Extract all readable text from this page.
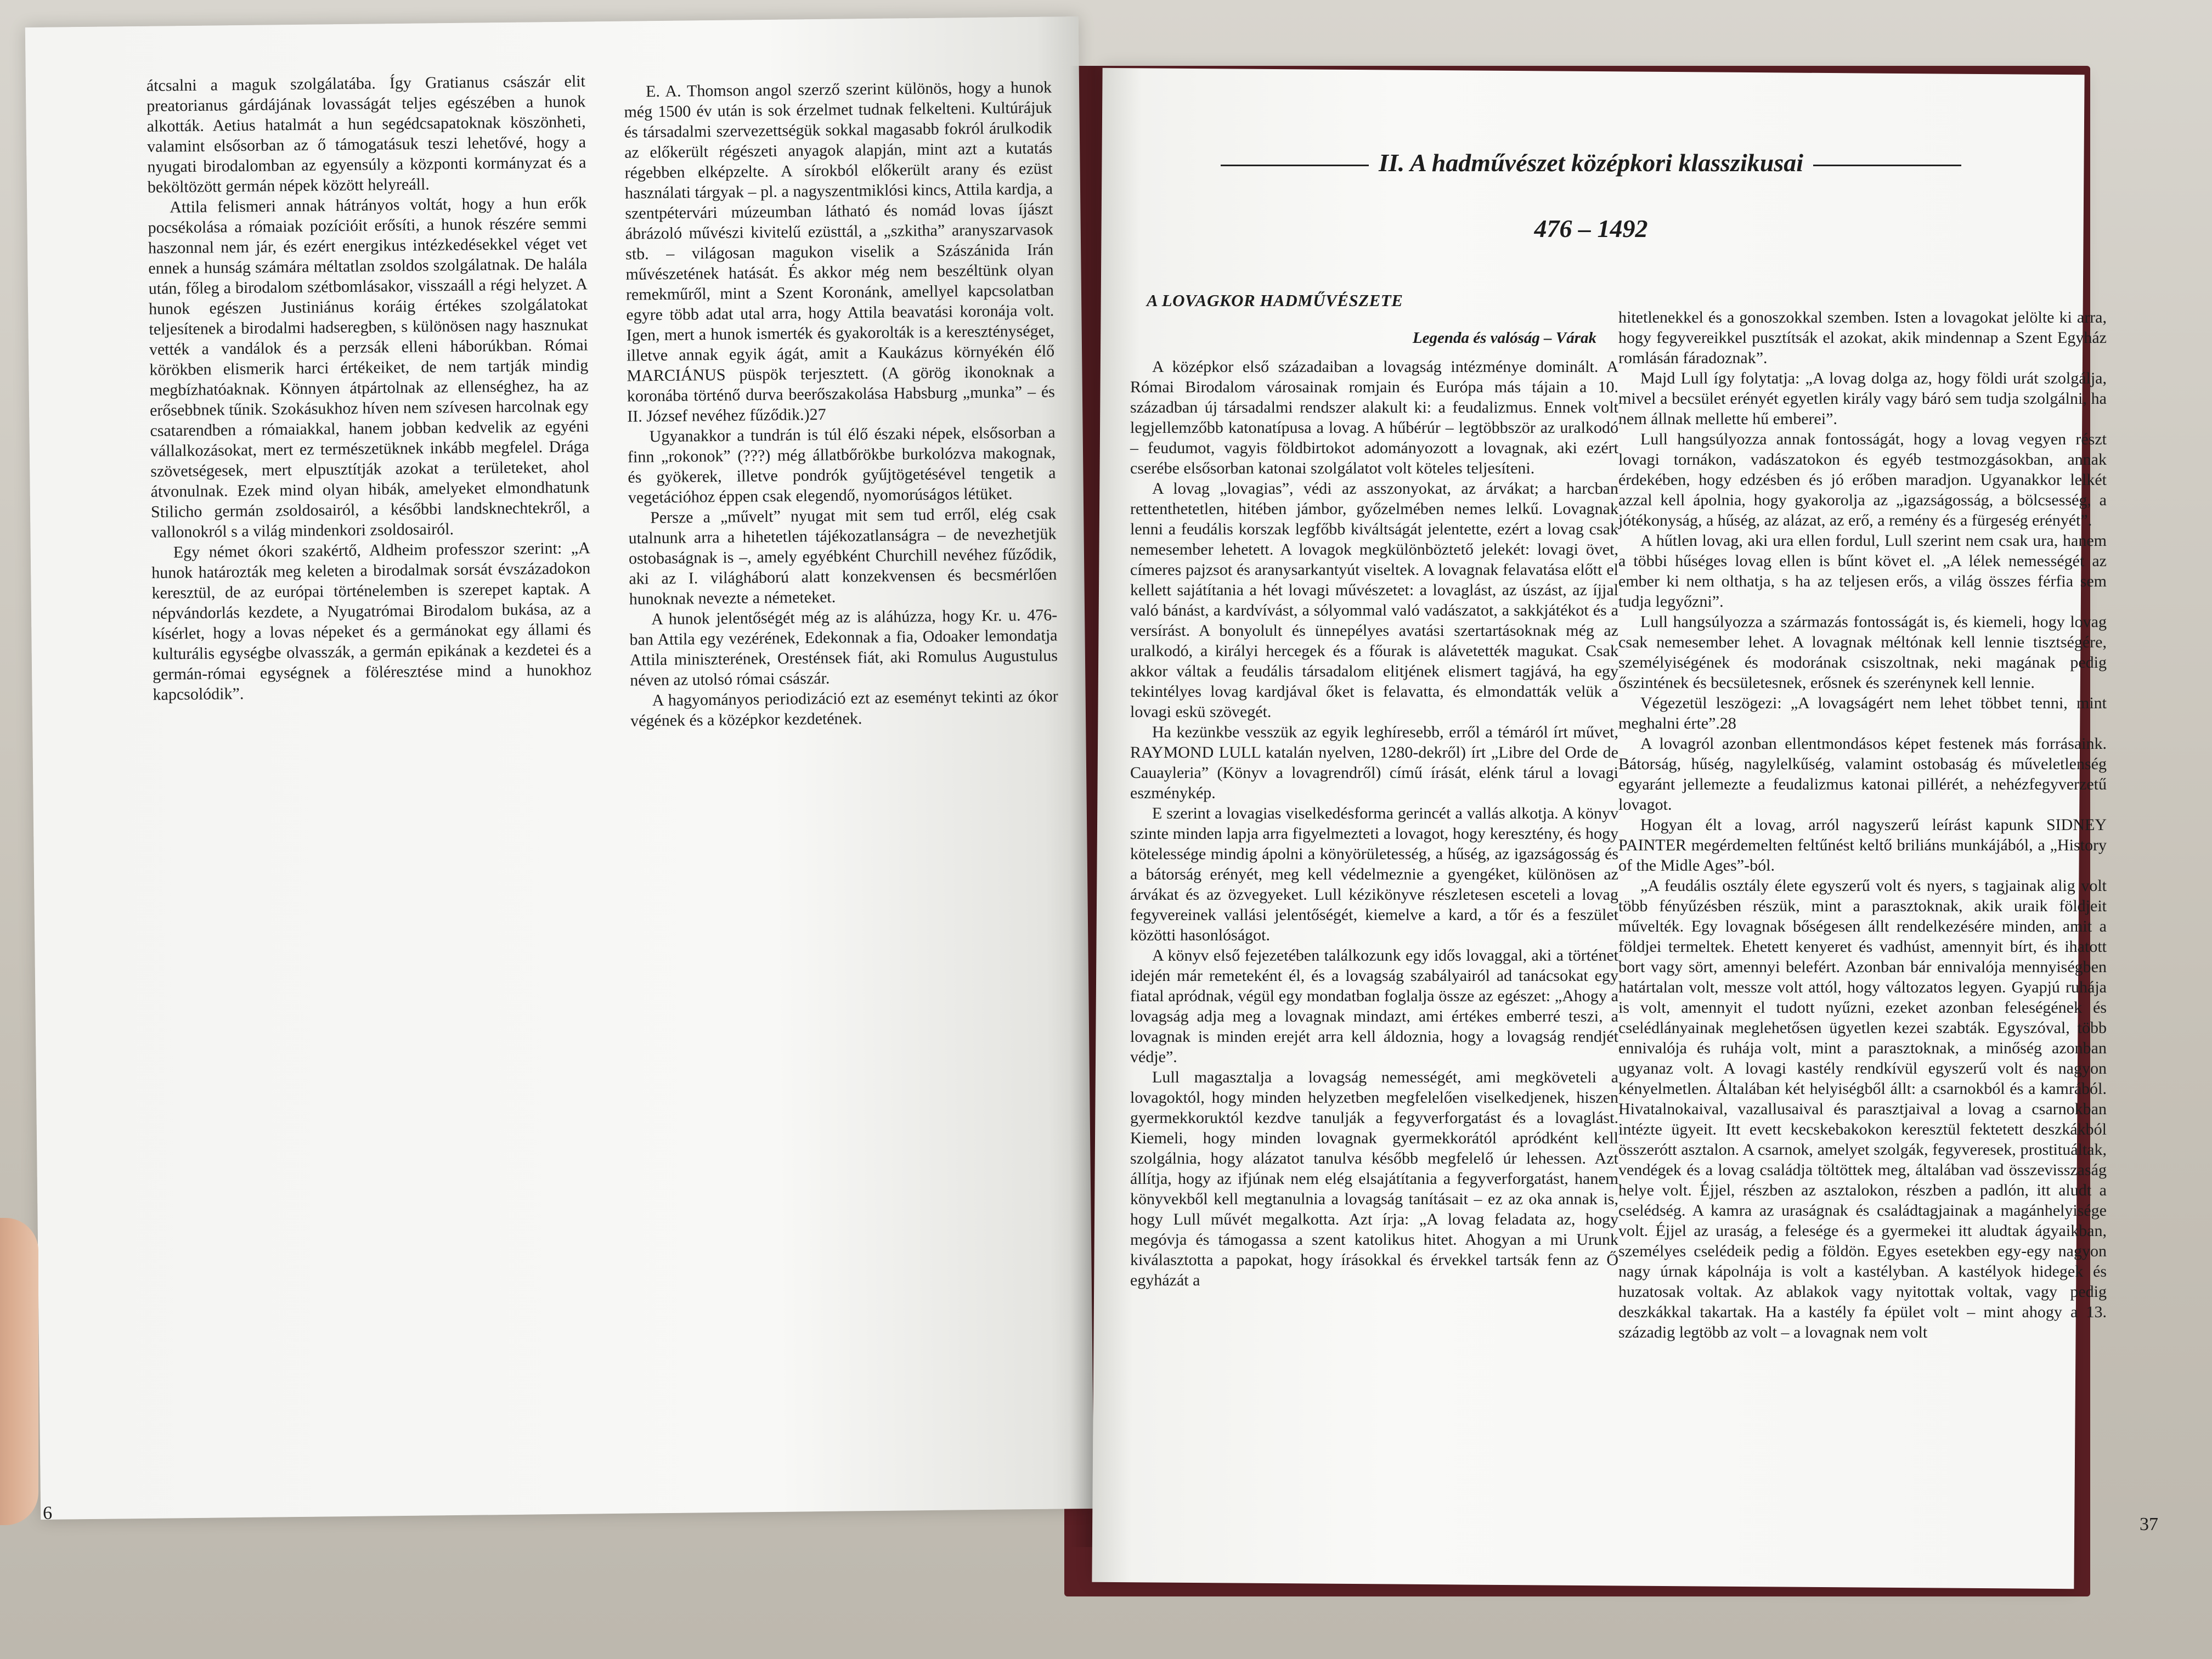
átcsalni a maguk szolgálatába. Így Gratianus császár elit preatorianus gárdájának lovasságát teljes egészében a hunok alkották. Aetius hatalmát a hun segédcsapatoknak köszönheti, valamint elsősorban az ő támogatásuk teszi lehetővé, hogy a nyugati birodalomban az egyensúly a központi kormányzat és a beköltözött germán népek között helyreáll.

Attila felismeri annak hátrányos voltát, hogy a hun erők pocsékolása a rómaiak pozícióit erősíti, a hunok részére semmi haszonnal nem jár, és ezért energikus intézkedésekkel véget vet ennek a hunság számára méltatlan zsoldos szolgálatnak. De halála után, főleg a birodalom szétbomlásakor, visszaáll a régi helyzet. A hunok egészen Justiniánus koráig értékes szolgálatokat teljesítenek a birodalmi hadseregben, s különösen nagy hasznukat vették a vandálok és a perzsák elleni háborúkban. Római körökben elismerik harci értékeiket, de nem tartják mindig megbízhatóaknak. Könnyen átpártolnak az ellenséghez, ha az erősebbnek tűnik. Szokásukhoz híven nem szívesen harcolnak egy csatarendben a rómaiakkal, hanem jobban kedvelik az egyéni vállalkozásokat, mert ez természetüknek inkább megfelel. Drága szövetségesek, mert elpusztítják azokat a területeket, ahol átvonulnak. Ezek mind olyan hibák, amelyeket elmondhatunk Stilicho germán zsoldosairól, a későbbi landsknechtekről, a vallonokról s a világ mindenkori zsoldosairól.

Egy német ókori szakértő, Aldheim professzor szerint: „A hunok határozták meg keleten a birodalmak sorsát évszázadokon keresztül, de az európai történelemben is szerepet kaptak. A népvándorlás kezdete, a Nyugatrómai Birodalom bukása, az a kísérlet, hogy a lovas népeket és a germánokat egy állami és kulturális egységbe olvasszák, a germán epikának a kezdetei és a germán-római egységnek a föléresztése mind a hunokhoz kapcsolódik”.

E. A. Thomson angol szerző szerint különös, hogy a hunok még 1500 év után is sok érzelmet tudnak felkelteni. Kultúrájuk és társadalmi szervezettségük sokkal magasabb fokról árulkodik az előkerült régészeti anyagok alapján, mint azt a kutatás régebben elképzelte. A sírokból előkerült arany és ezüst használati tárgyak – pl. a nagyszentmiklósi kincs, Attila kardja, a szentpétervári múzeumban látható és nomád lovas íjászt ábrázoló művészi kivitelű ezüsttál, a „szkitha” aranyszarvasok stb. – világosan magukon viselik a Szászánida Irán művészetének hatását. És akkor még nem beszéltünk olyan remekműről, mint a Szent Koronánk, amellyel kapcsolatban egyre több adat utal arra, hogy Attila beavatási koronája volt. Igen, mert a hunok ismerték és gyakorolták is a kereszténységet, illetve annak egyik ágát, amit a Kaukázus környékén élő MARCIÁNUS püspök terjesztett. (A görög ikonoknak a koronába történő durva beerőszakolása Habsburg „munka” – és II. József nevéhez fűződik.)27

Ugyanakkor a tundrán is túl élő északi népek, elsősorban a finn „rokonok” (???) még állatbőrökbe burkolózva makognak, és gyökerek, illetve pondrók gyűjtögetésével tengetik a vegetációhoz éppen csak elegendő, nyomorúságos létüket.

Persze a „művelt” nyugat mit sem tud erről, elég csak utalnunk arra a hihetetlen tájékozatlanságra – de nevezhetjük ostobaságnak is –, amely egyébként Churchill nevéhez fűződik, aki az I. világháború alatt konzekvensen és becsmérlően hunoknak nevezte a németeket.

A hunok jelentőségét még az is aláhúzza, hogy Kr. u. 476-ban Attila egy vezérének, Edekonnak a fia, Odoaker lemondatja Attila miniszterének, Oresténsek fiát, aki Romulus Augustulus néven az utolsó római császár.

A hagyományos periodizáció ezt az eseményt tekinti az ókor végének és a középkor kezdetének.

6
II. A hadművészet középkori klasszikusai
476 – 1492
A LOVAGKOR HADMŰVÉSZETE
Legenda és valóság – Várak

A középkor első századaiban a lovagság intézménye dominált. A Római Birodalom városainak romjain és Európa más tájain a 10. században új társadalmi rendszer alakult ki: a feudalizmus. Ennek volt legjellemzőbb katonatípusa a lovag. A hűbérúr – legtöbbször az uralkodó – feudumot, vagyis földbirtokot adományozott a lovagnak, aki ezért cserébe elsősorban katonai szolgálatot volt köteles teljesíteni.

A lovag „lovagias”, védi az asszonyokat, az árvákat; a harcban rettenthetetlen, hitében jámbor, győzelmében nemes lelkű. Lovagnak lenni a feudális korszak legfőbb kiváltságát jelentette, ezért a lovag csak nemesember lehetett. A lovagok megkülönböztető jelekét: lovagi övet, címeres pajzsot és aranysarkantyút viseltek. A lovagnak felavatása előtt el kellett sajátítania a hét lovagi művészetet: a lovaglást, az úszást, az íjjal való bánást, a kardvívást, a sólyommal való vadászatot, a sakkjátékot és a versírást. A bonyolult és ünnepélyes avatási szertartásoknak még az uralkodó, a királyi hercegek és a főurak is alávetették magukat. Csak akkor váltak a feudális társadalom elitjének elismert tagjává, ha egy tekintélyes lovag kardjával őket is felavatta, és elmondatták velük a lovagi eskü szövegét.

Ha kezünkbe vesszük az egyik leghíresebb, erről a témáról írt művet, RAYMOND LULL katalán nyelven, 1280-dekről) írt „Libre del Orde de Cauayleria” (Könyv a lovagrendről) című írását, elénk tárul a lovagi eszménykép.

E szerint a lovagias viselkedésforma gerincét a vallás alkotja. A könyv szinte minden lapja arra figyelmezteti a lovagot, hogy keresztény, és hogy kötelessége mindig ápolni a könyörületesség, a hűség, az igazságosság és a bátorság erényét, meg kell védelmeznie a gyengéket, különösen az árvákat és az özvegyeket. Lull kézikönyve részletesen esceteli a lovag fegyvereinek vallási jelentőségét, kiemelve a kard, a tőr és a feszület közötti hasonlóságot.

A könyv első fejezetében találkozunk egy idős lovaggal, aki a történet idején már remeteként él, és a lovagság szabályairól ad tanácsokat egy fiatal apródnak, végül egy mondatban foglalja össze az egészet: „Ahogy a lovagság adja meg a lovagnak mindazt, ami értékes emberré teszi, a lovagnak is minden erejét arra kell áldoznia, hogy a lovagság rendjét védje”.

Lull magasztalja a lovagság nemességét, ami megköveteli a lovagoktól, hogy minden helyzetben megfelelően viselkedjenek, hiszen gyermekkoruktól kezdve tanulják a fegyverforgatást és a lovaglást. Kiemeli, hogy minden lovagnak gyermekkorától apródként kell szolgálnia, hogy alázatot tanulva később megfelelő úr lehessen. Azt állítja, hogy az ifjúnak nem elég elsajátítania a fegyverforgatást, hanem könyvekből kell megtanulnia a lovagság tanításait – ez az oka annak is, hogy Lull művét megalkotta. Azt írja: „A lovag feladata az, hogy megóvja és támogassa a szent katolikus hitet. Ahogyan a mi Urunk kiválasztotta a papokat, hogy írásokkal és érvekkel tartsák fenn az Ő egyházát a

hitetlenekkel és a gonoszokkal szemben. Isten a lovagokat jelölte ki arra, hogy fegyvereikkel pusztítsák el azokat, akik mindennap a Szent Egyház romlásán fáradoznak”.

Majd Lull így folytatja: „A lovag dolga az, hogy földi urát szolgálja, mivel a becsület erényét egyetlen király vagy báró sem tudja szolgálni, ha nem állnak mellette hű emberei”.

Lull hangsúlyozza annak fontosságát, hogy a lovag vegyen részt lovagi tornákon, vadászatokon és egyéb testmozgásokban, annak érdekében, hogy edzésben és jó erőben maradjon. Ugyanakkor lelkét azzal kell ápolnia, hogy gyakorolja az „igazságosság, a bölcsesség, a jótékonyság, a hűség, az alázat, az erő, a remény és a fürgeség erényét”.

A hűtlen lovag, aki ura ellen fordul, Lull szerint nem csak ura, hanem a többi hűséges lovag ellen is bűnt követ el. „A lélek nemességét az ember ki nem olthatja, s ha az teljesen erős, a világ összes férfia sem tudja legyőzni”.

Lull hangsúlyozza a származás fontosságát is, és kiemeli, hogy lovag csak nemesember lehet. A lovagnak méltónak kell lennie tisztségére, személyiségének és modorának csiszoltnak, neki magának pedig őszintének és becsületesnek, erősnek és szerénynek kell lennie.

Végezetül leszögezi: „A lovagságért nem lehet többet tenni, mint meghalni érte”.28

A lovagról azonban ellentmondásos képet festenek más forrásaink. Bátorság, hűség, nagylelkűség, valamint ostobaság és műveletlenség egyaránt jellemezte a feudalizmus katonai pillérét, a nehézfegyverzetű lovagot.

Hogyan élt a lovag, arról nagyszerű leírást kapunk SIDNEY PAINTER megérdemelten feltűnést keltő briliáns munkájából, a „History of the Midle Ages”-ból.

„A feudális osztály élete egyszerű volt és nyers, s tagjainak alig volt több fényűzésben részük, mint a parasztoknak, akik uraik földjeit művelték. Egy lovagnak bőségesen állt rendelkezésére minden, amit a földjei termeltek. Ehetett kenyeret és vadhúst, amennyit bírt, és ihatott bort vagy sört, amennyi belefért. Azonban bár ennivalója mennyiségben határtalan volt, messze volt attól, hogy változatos legyen. Gyapjú ruhája is volt, amennyit el tudott nyűzni, ezeket azonban feleségének és cselédlányainak meglehetősen ügyetlen kezei szabták. Egyszóval, több ennivalója és ruhája volt, mint a parasztoknak, a minőség azonban ugyanaz volt. A lovagi kastély rendkívül egyszerű volt és nagyon kényelmetlen. Általában két helyiségből állt: a csarnokból és a kamrából. Hivatalnokaival, vazallusaival és parasztjaival a lovag a csarnokban intézte ügyeit. Itt evett kecskebakokon keresztül fektetett deszkákból összerótt asztalon. A csarnok, amelyet szolgák, fegyveresek, prostituáltak, vendégek és a lovag családja töltöttek meg, általában vad összevisszaság helye volt. Éjjel, részben az asztalokon, részben a padlón, itt aludt a cselédség. A kamra az uraságnak és családtagjainak a magánhelyisége volt. Éjjel az uraság, a felesége és a gyermekei itt aludtak ágyaikban, személyes cselédeik pedig a földön. Egyes esetekben egy-egy nagyon nagy úrnak kápolnája is volt a kastélyban. A kastélyok hidegek és huzatosak voltak. Az ablakok vagy nyitottak voltak, vagy pedig deszkákkal takartak. Ha a kastély fa épület volt – mint ahogy a 13. századig legtöbb az volt – a lovagnak nem volt

37
